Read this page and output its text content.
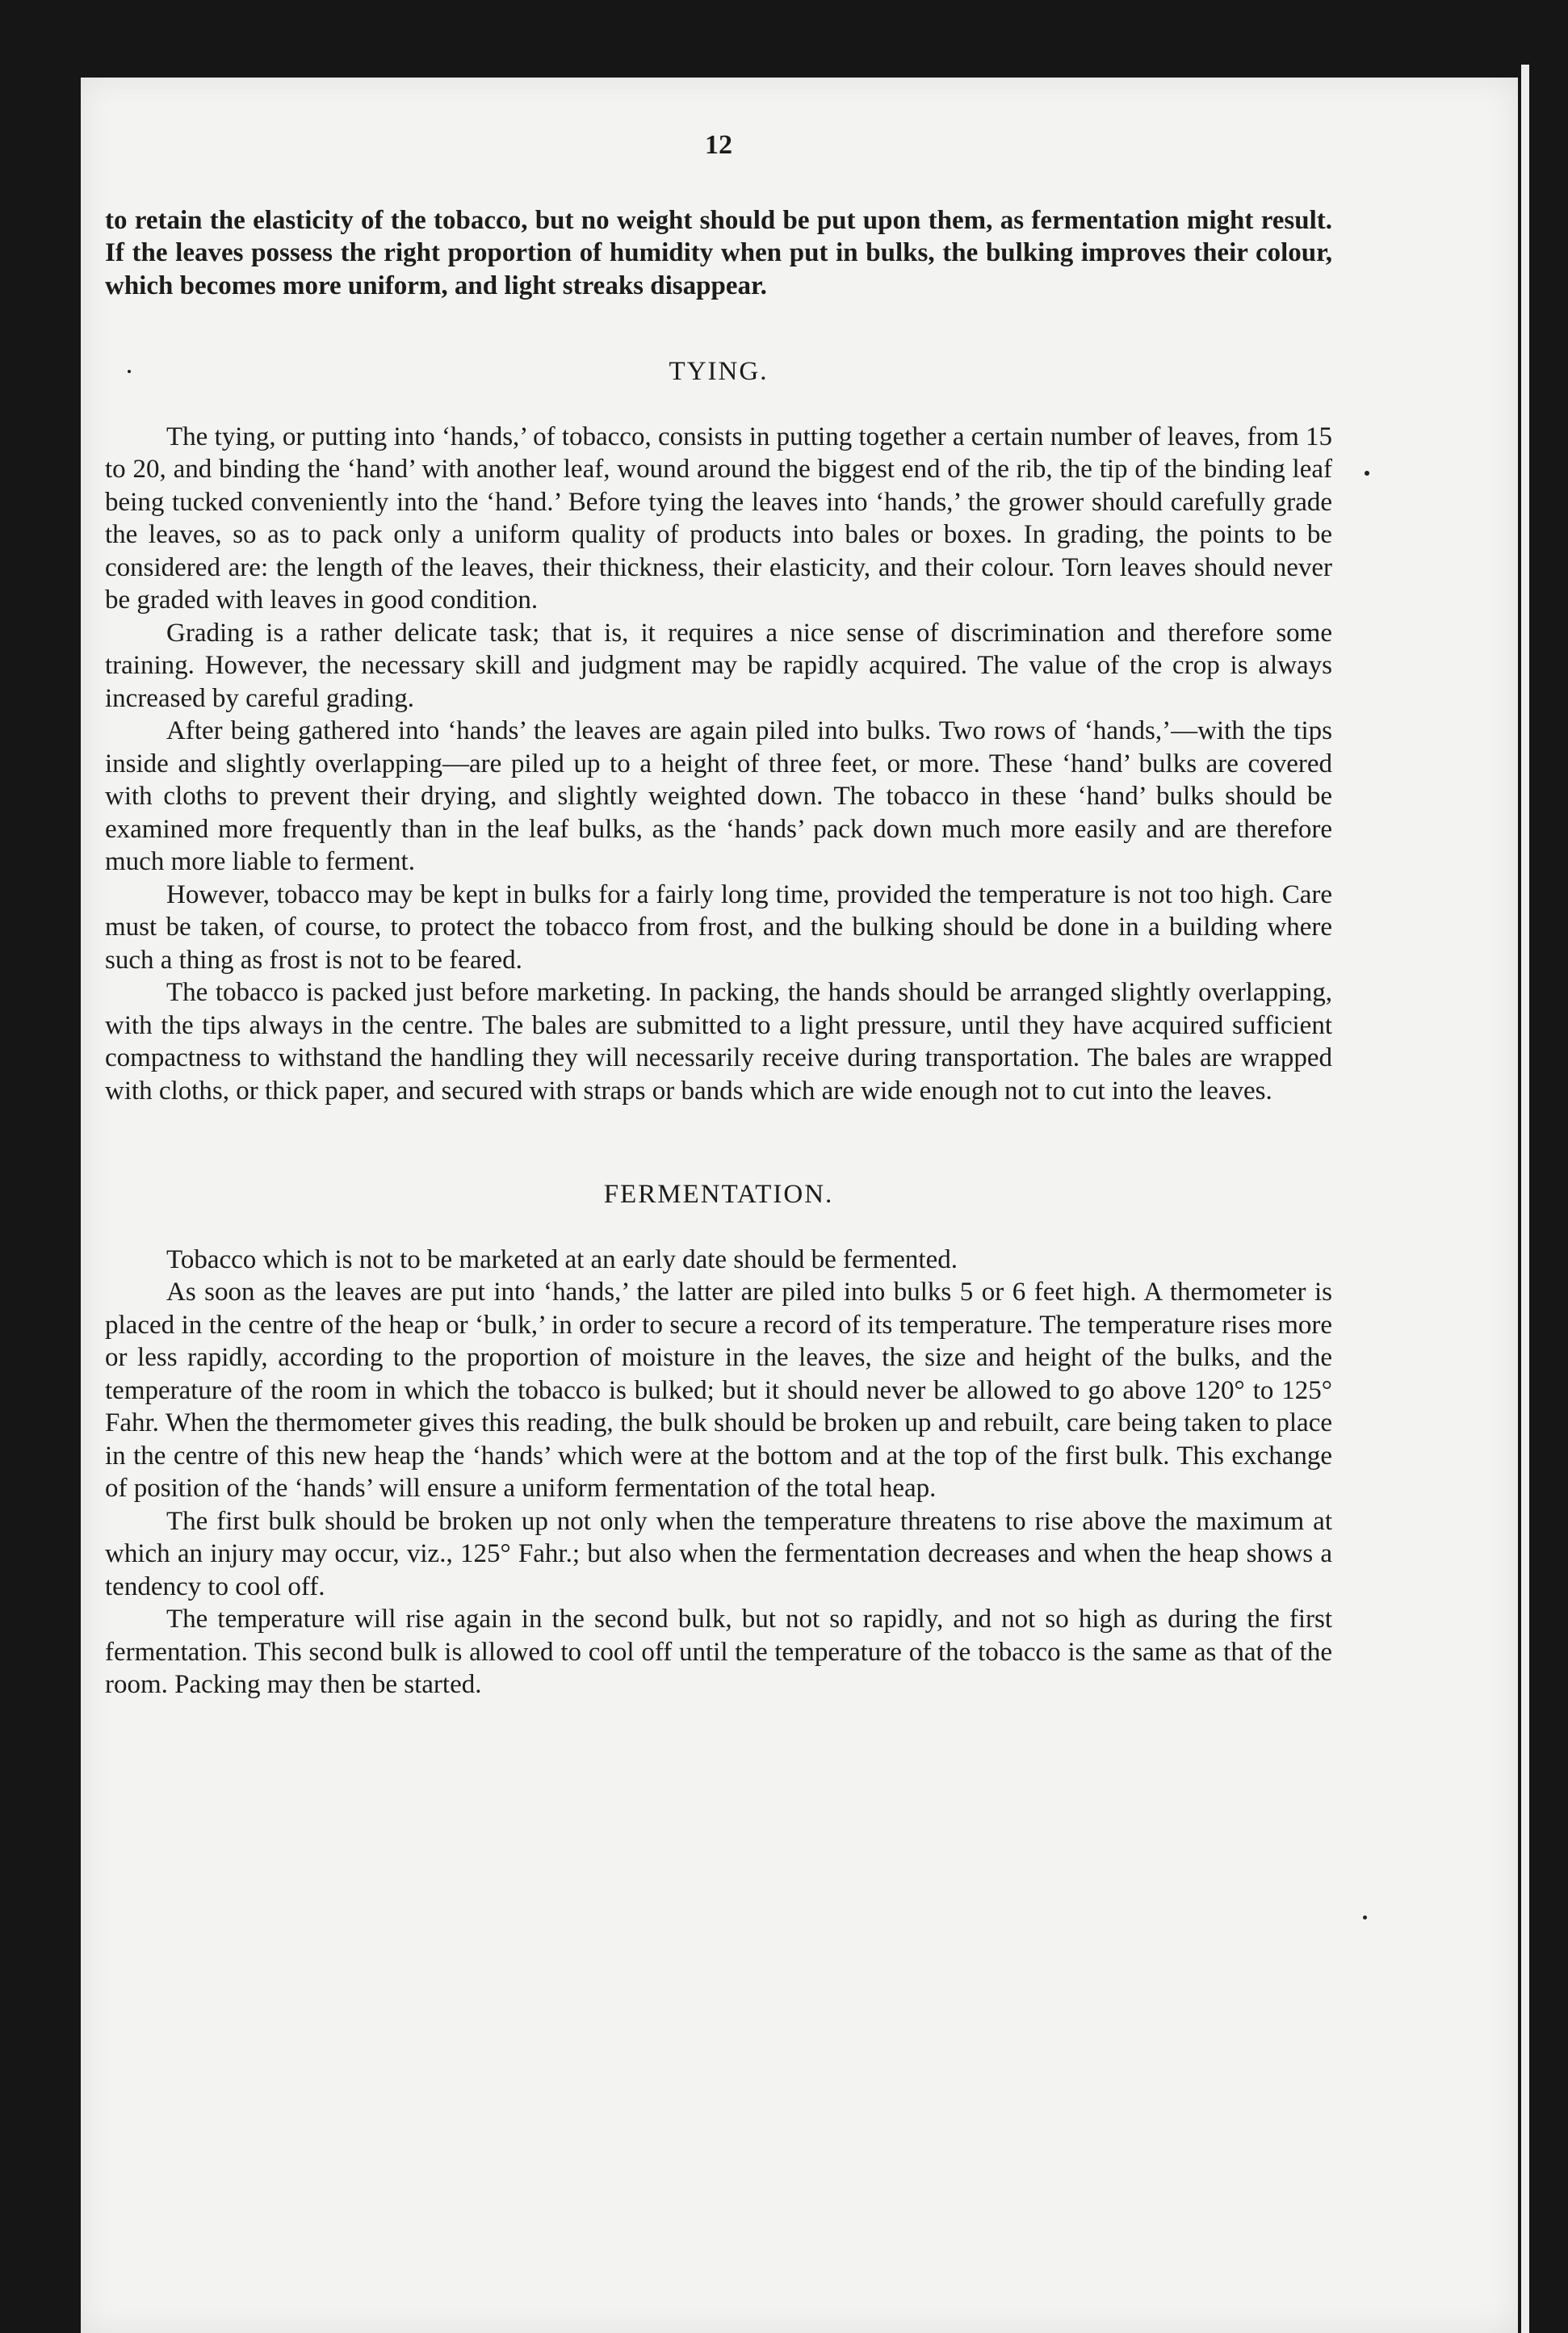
12

to retain the elasticity of the tobacco, but no weight should be put upon them, as fermentation might result. If the leaves possess the right proportion of humidity when put in bulks, the bulking improves their colour, which becomes more uniform, and light streaks disappear.

TYING.

The tying, or putting into ‘hands,’ of tobacco, consists in putting together a certain number of leaves, from 15 to 20, and binding the ‘hand’ with another leaf, wound around the biggest end of the rib, the tip of the binding leaf being tucked conveniently into the ‘hand.’ Before tying the leaves into ‘hands,’ the grower should carefully grade the leaves, so as to pack only a uniform quality of products into bales or boxes. In grading, the points to be considered are: the length of the leaves, their thickness, their elasticity, and their colour. Torn leaves should never be graded with leaves in good condition.

Grading is a rather delicate task; that is, it requires a nice sense of discrimination and therefore some training. However, the necessary skill and judgment may be rapidly acquired. The value of the crop is always increased by careful grading.

After being gathered into ‘hands’ the leaves are again piled into bulks. Two rows of ‘hands,’—with the tips inside and slightly overlapping—are piled up to a height of three feet, or more. These ‘hand’ bulks are covered with cloths to prevent their drying, and slightly weighted down. The tobacco in these ‘hand’ bulks should be examined more frequently than in the leaf bulks, as the ‘hands’ pack down much more easily and are therefore much more liable to ferment.

However, tobacco may be kept in bulks for a fairly long time, provided the temperature is not too high. Care must be taken, of course, to protect the tobacco from frost, and the bulking should be done in a building where such a thing as frost is not to be feared.

The tobacco is packed just before marketing. In packing, the hands should be arranged slightly overlapping, with the tips always in the centre. The bales are submitted to a light pressure, until they have acquired sufficient compactness to withstand the handling they will necessarily receive during transportation. The bales are wrapped with cloths, or thick paper, and secured with straps or bands which are wide enough not to cut into the leaves.

FERMENTATION.

Tobacco which is not to be marketed at an early date should be fermented.

As soon as the leaves are put into ‘hands,’ the latter are piled into bulks 5 or 6 feet high. A thermometer is placed in the centre of the heap or ‘bulk,’ in order to secure a record of its temperature. The temperature rises more or less rapidly, according to the proportion of moisture in the leaves, the size and height of the bulks, and the temperature of the room in which the tobacco is bulked; but it should never be allowed to go above 120° to 125° Fahr. When the thermometer gives this reading, the bulk should be broken up and rebuilt, care being taken to place in the centre of this new heap the ‘hands’ which were at the bottom and at the top of the first bulk. This exchange of position of the ‘hands’ will ensure a uniform fermentation of the total heap.

The first bulk should be broken up not only when the temperature threatens to rise above the maximum at which an injury may occur, viz., 125° Fahr.; but also when the fermentation decreases and when the heap shows a tendency to cool off.

The temperature will rise again in the second bulk, but not so rapidly, and not so high as during the first fermentation. This second bulk is allowed to cool off until the temperature of the tobacco is the same as that of the room. Packing may then be started.
